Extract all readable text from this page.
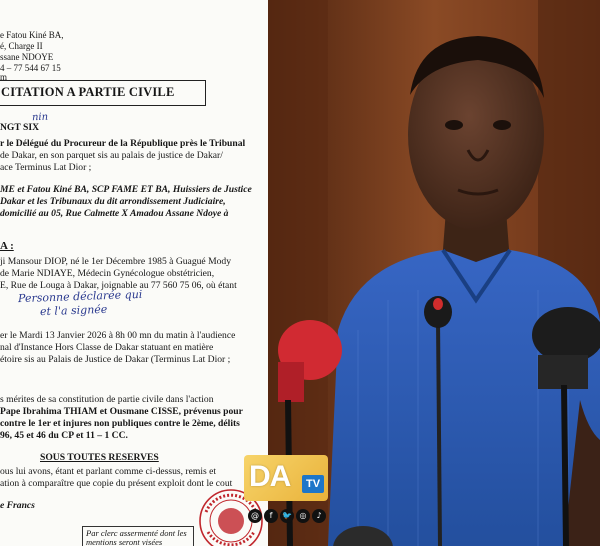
e Fatou Kiné BA,
é, Charge II
ssane NDOYE
4 – 77 544 67 15
m
CITATION A PARTIE CIVILE
NGT SIX
nin
r le Délégué du Procureur de la République près le Tribunal
de Dakar, en son parquet sis au palais de justice de Dakar/
ace Terminus Lat Dior ;
ME et Fatou Kiné BA, SCP FAME ET BA, Huissiers de Justice
Dakar et les Tribunaux du dit arrondissement Judiciaire,
domicilié au 05, Rue Calmette X Amadou Assane Ndoye à
A :
ji Mansour DIOP, né le 1er Décembre 1985 à Guagué Mody
de Marie NDIAYE, Médecin Gynécologue obstétricien,
E, Rue de Louga à Dakar, joignable au 77 560 75 06, où étant
Personne déclarée qui
et l'a signée
er le Mardi 13 Janvier 2026 à 8h 00 mn du matin à l'audience
nal d'Instance Hors Classe de Dakar statuant en matière
étoire sis au Palais de Justice de Dakar (Terminus Lat Dior ;
s mérites de sa constitution de partie civile dans l'action
Pape Ibrahima THIAM et Ousmane CISSE, prévenus pour
contre le 1er et injures non publiques contre le 2ème, délits
96, 45 et 46 du CP et 11 – 1 CC.
SOUS TOUTES RESERVES
ous lui avons, étant et parlant comme ci-dessus, remis et
ation à comparaître que copie du présent exploit dont le cout
e Francs
Par clerc assermenté dont les mentions seront visées
DA	TV
@	f	🐦 ◎	♪
